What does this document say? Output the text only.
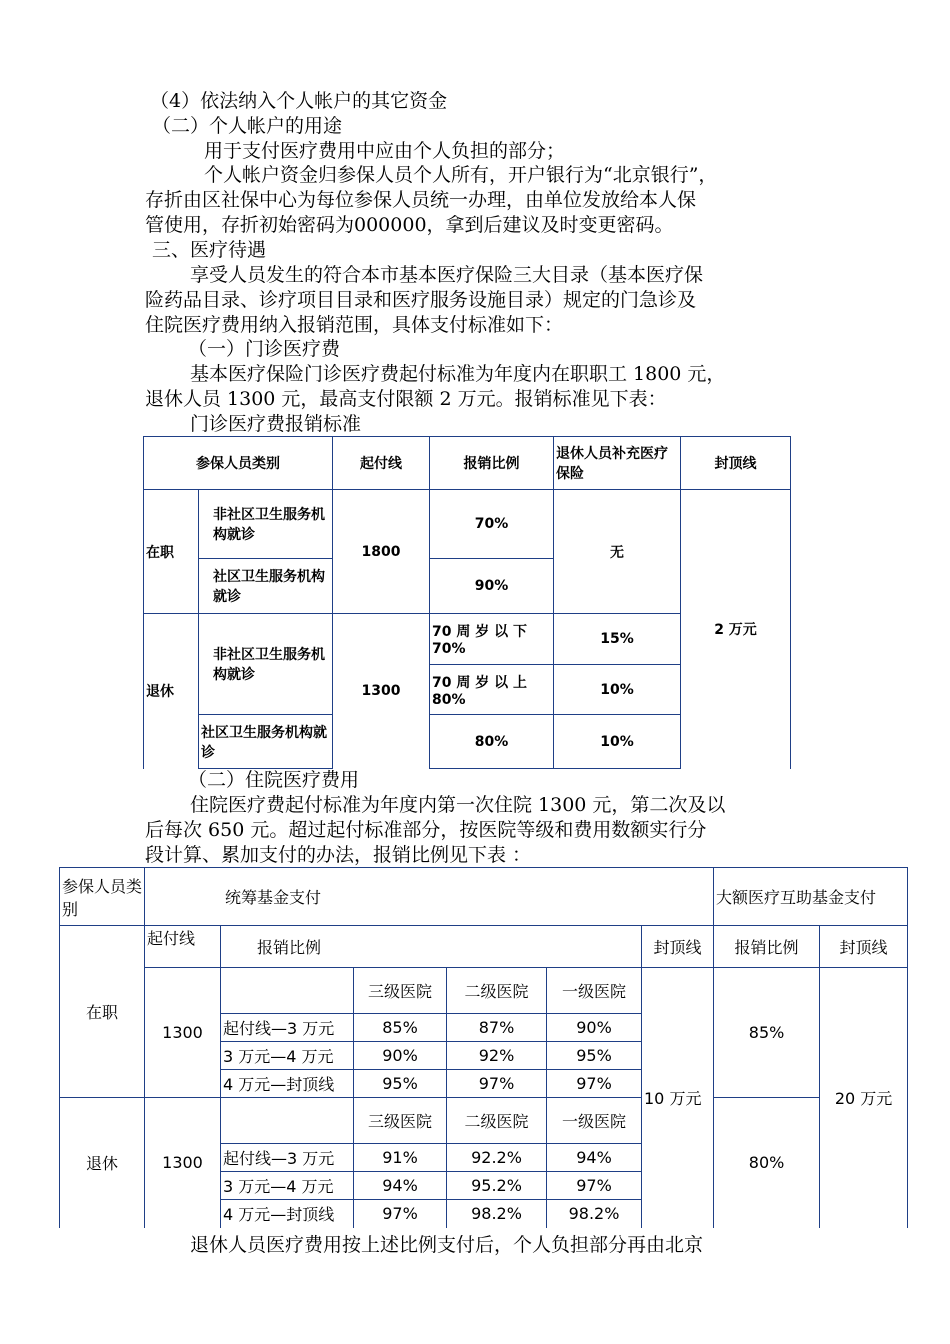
（4）依法纳入个人帐户的其它资金
（二）个人帐户的用途
用于支付医疗费用中应由个人负担的部分；
个人帐户资金归参保人员个人所有，开户银行为“北京银行”，
存折由区社保中心为每位参保人员统一办理，由单位发放给本人保
管使用，存折初始密码为000000，拿到后建议及时变更密码。
三、医疗待遇
享受人员发生的符合本市基本医疗保险三大目录（基本医疗保
险药品目录、诊疗项目目录和医疗服务设施目录）规定的门急诊及
住院医疗费用纳入报销范围，具体支付标准如下：
（一）门诊医疗费
基本医疗保险门诊医疗费起付标准为年度内在职职工 1800 元，
退休人员 1300 元，最高支付限额 2 万元。报销标准见下表：
门诊医疗费报销标准
参保人员类别		起付线	报销比例	退休人员补充医疗保险	封顶线
在职	非社区卫生服务机构就诊	1800	70%	无	2 万元
	社区卫生服务机构就诊		90%		
退休	非社区卫生服务机构就诊	1300	70 周 岁 以 下 70%	15%	
			70 周 岁 以 上 80%	10%	
	社区卫生服务机构就诊		80%	10%	
（二）住院医疗费用
住院医疗费起付标准为年度内第一次住院 1300 元，第二次及以
后每次 650 元。超过起付标准部分，按医院等级和费用数额实行分
段计算、累加支付的办法，报销比例见下表 ：
参保人员类 别	统筹基金支付						大额医疗互助基金支付	
在职	起付线	报销比例				封顶线	报销比例	封顶线
	1300		三级医院	二级医院	一级医院	10 万元	85%	20 万元
		起付线—3 万元	85%	87%	90%			
		3 万元—4 万元	90%	92%	95%			
		4 万元—封顶线	95%	97%	97%			
退休	1300		三级医院	二级医院	一级医院		80%	
		起付线—3 万元	91%	92.2%	94%			
		3 万元—4 万元	94%	95.2%	97%			
		4 万元—封顶线	97%	98.2%	98.2%			
退休人员医疗费用按上述比例支付后，个人负担部分再由北京
